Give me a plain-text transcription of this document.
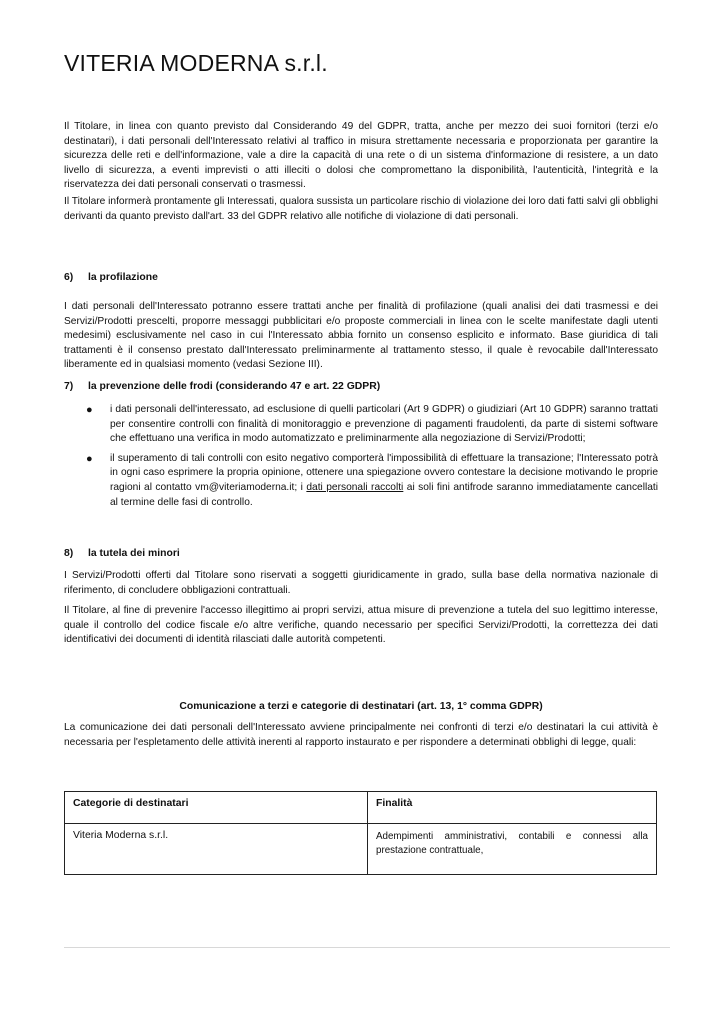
VITERIA MODERNA s.r.l.

Il Titolare, in linea con quanto previsto dal Considerando 49 del GDPR, tratta, anche per mezzo dei suoi fornitori (terzi e/o destinatari), i dati personali dell'Interessato relativi al traffico in misura strettamente necessaria e proporzionata per garantire la sicurezza delle reti e dell'informazione, vale a dire la capacità di una rete o di un sistema d'informazione di resistere, a un dato livello di sicurezza, a eventi imprevisti o atti illeciti o dolosi che compromettano la disponibilità, l'autenticità, l'integrità e la riservatezza dei dati personali conservati o trasmessi.

Il Titolare informerà prontamente gli Interessati, qualora sussista un particolare rischio di violazione dei loro dati fatti salvi gli obblighi derivanti da quanto previsto dall'art. 33 del GDPR relativo alle notifiche di violazione di dati personali.

6) la profilazione

I dati personali dell'Interessato potranno essere trattati anche per finalità di profilazione (quali analisi dei dati trasmessi e dei Servizi/Prodotti prescelti, proporre messaggi pubblicitari e/o proposte commerciali in linea con le scelte manifestate dagli utenti medesimi) esclusivamente nel caso in cui l'Interessato abbia fornito un consenso esplicito e informato. Base giuridica di tali trattamenti è il consenso prestato dall'Interessato preliminarmente al trattamento stesso, il quale è revocabile dall'Interessato liberamente ed in qualsiasi momento (vedasi Sezione III).

7) la prevenzione delle frodi (considerando 47 e art. 22 GDPR)

● i dati personali dell'interessato, ad esclusione di quelli particolari (Art 9 GDPR) o giudiziari (Art 10 GDPR) saranno trattati per consentire controlli con finalità di monitoraggio e prevenzione di pagamenti fraudolenti, da parte di sistemi software che effettuano una verifica in modo automatizzato e preliminarmente alla negoziazione di Servizi/Prodotti;
● il superamento di tali controlli con esito negativo comporterà l'impossibilità di effettuare la transazione; l'Interessato potrà in ogni caso esprimere la propria opinione, ottenere una spiegazione ovvero contestare la decisione motivando le proprie ragioni al contatto vm@viteriamoderna.it; i dati personali raccolti ai soli fini antifrode saranno immediatamente cancellati al termine delle fasi di controllo.

8) la tutela dei minori

I Servizi/Prodotti offerti dal Titolare sono riservati a soggetti giuridicamente in grado, sulla base della normativa nazionale di riferimento, di concludere obbligazioni contrattuali.

Il Titolare, al fine di prevenire l'accesso illegittimo ai propri servizi, attua misure di prevenzione a tutela del suo legittimo interesse, quale il controllo del codice fiscale e/o altre verifiche, quando necessario per specifici Servizi/Prodotti, la correttezza dei dati identificativi dei documenti di identità rilasciati dalle autorità competenti.

Comunicazione a terzi e categorie di destinatari (art. 13, 1° comma GDPR)

La comunicazione dei dati personali dell'Interessato avviene principalmente nei confronti di terzi e/o destinatari la cui attività è necessaria per l'espletamento delle attività inerenti al rapporto instaurato e per rispondere a determinati obblighi di legge, quali:

Categorie di destinatari	Finalità
Viteria Moderna s.r.l.	Adempimenti amministrativi, contabili e connessi alla prestazione contrattuale,
